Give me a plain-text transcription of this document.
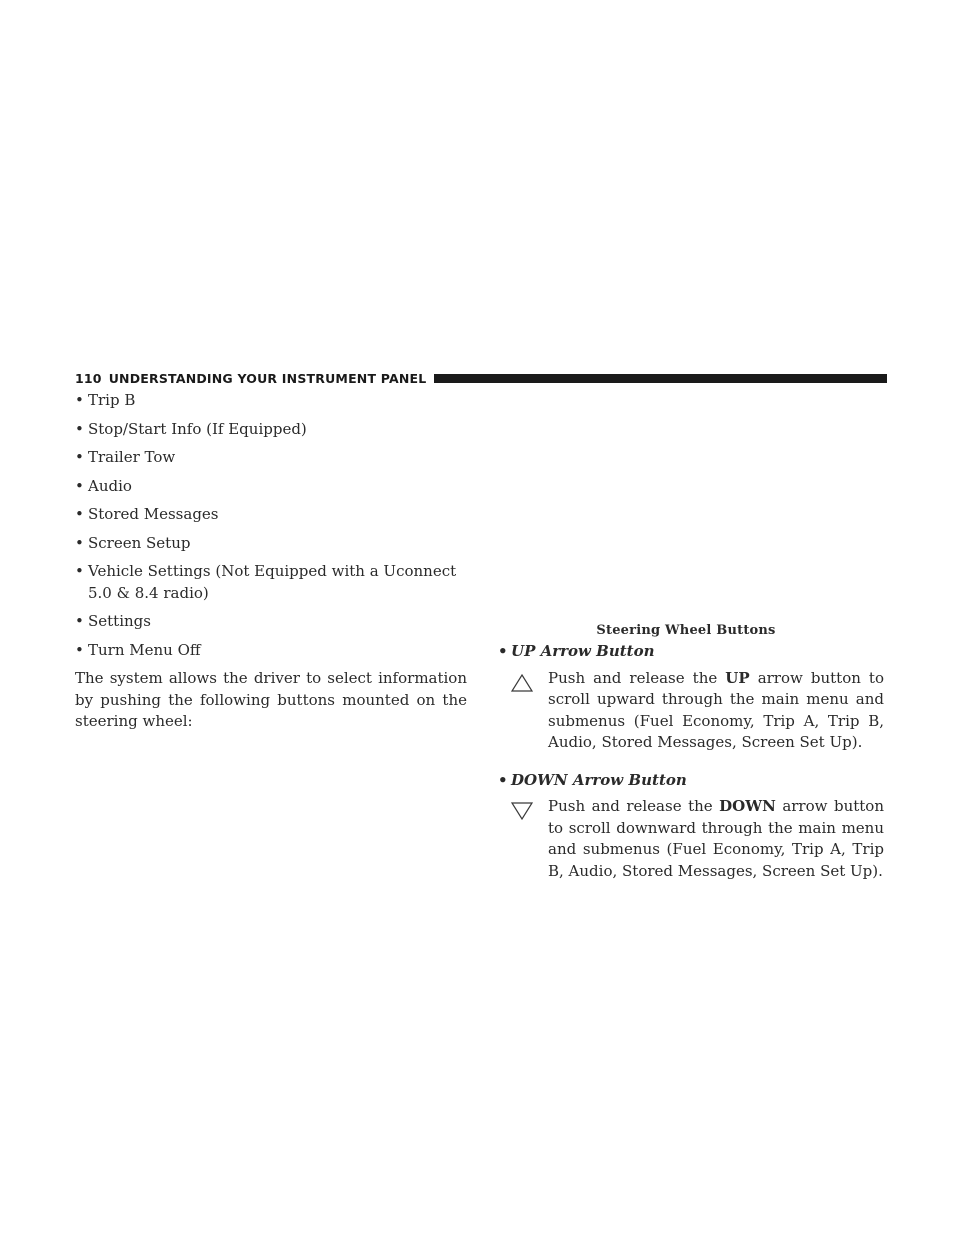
110 UNDERSTANDING YOUR INSTRUMENT PANEL
• Trip B
• Stop/Start Info (If Equipped)
• Trailer Tow
• Audio
• Stored Messages
• Screen Setup
• Vehicle Settings (Not Equipped with a Uconnect 5.0 & 8.4 radio)
• Settings
• Turn Menu Off

The system allows the driver to select information by pushing the following buttons mounted on the steering wheel:

Steering Wheel Buttons
• UP Arrow Button

Push and release the UP arrow button to scroll upward through the main menu and submenus (Fuel Economy, Trip A, Trip B, Audio, Stored Messages, Screen Set Up).

• DOWN Arrow Button

Push and release the DOWN arrow button to scroll downward through the main menu and submenus (Fuel Economy, Trip A, Trip B, Audio, Stored Messages, Screen Set Up).
